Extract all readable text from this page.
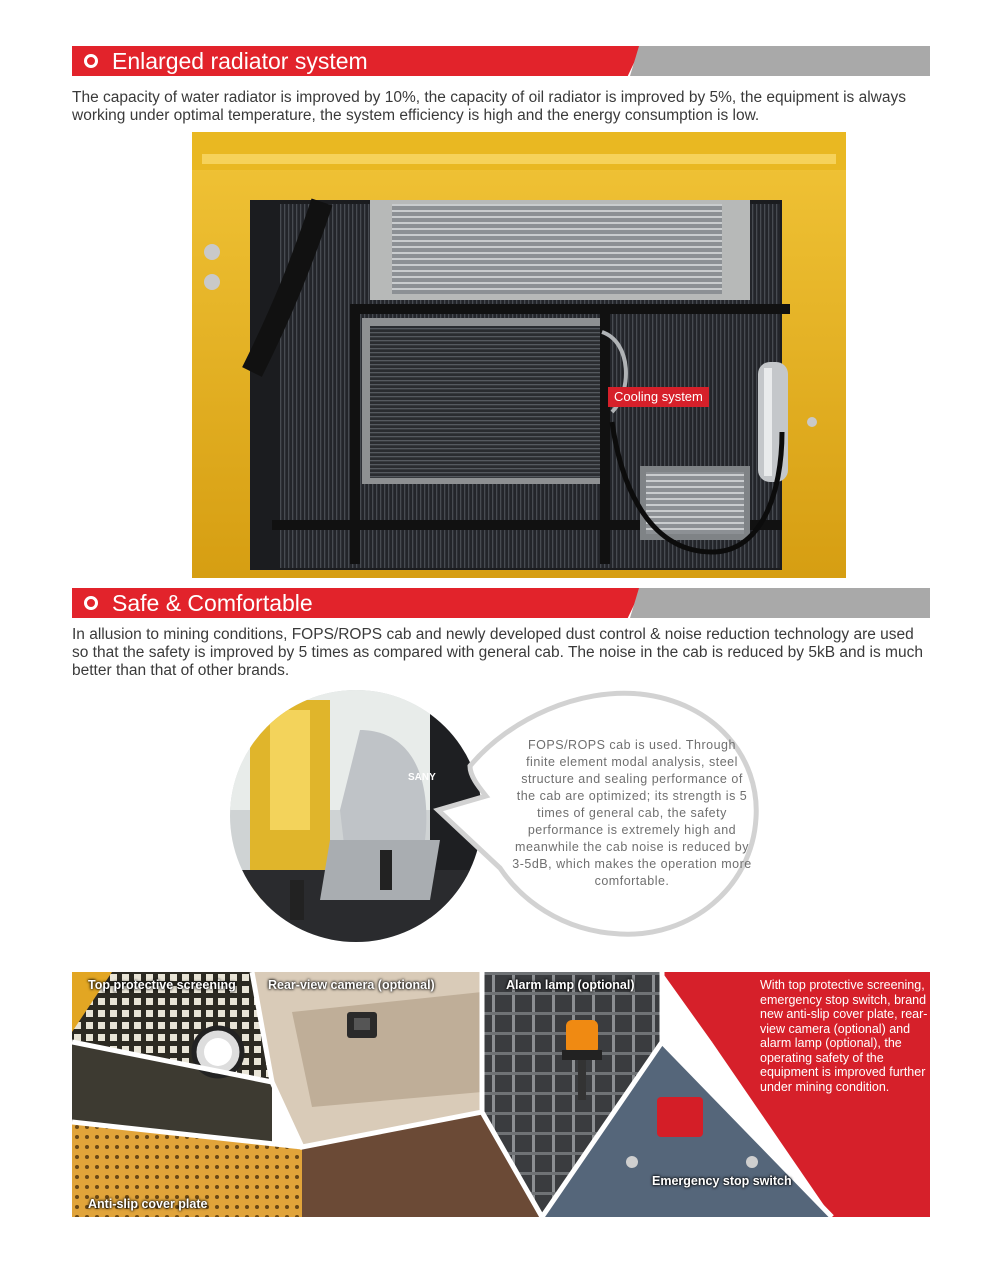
Enlarged radiator system
The capacity of water radiator is improved by 10%, the capacity of oil radiator is improved by 5%, the equipment is always working under optimal temperature, the system efficiency is high and the energy consumption is low.
Cooling system
Safe & Comfortable
In allusion to mining conditions, FOPS/ROPS cab and newly developed dust control & noise reduction technology are used so that the safety is improved by 5 times as compared with general cab. The noise in the cab is reduced by 5kB and is much better than that of other brands.
SANY
FOPS/ROPS cab is used. Through finite element modal analysis, steel structure and sealing performance of the cab are optimized; its strength is 5 times of general cab, the safety performance is extremely high and meanwhile the cab noise is reduced by 3-5dB, which makes the operation more comfortable.
Top protective screening	Rear-view camera (optional)	Alarm lamp (optional)
Anti-slip cover plate
Emergency stop switch
With top protective screening, emergency stop switch, brand new anti-slip cover plate, rear-view camera (optional) and alarm lamp (optional), the operating safety of the equipment is improved further under mining condition.
